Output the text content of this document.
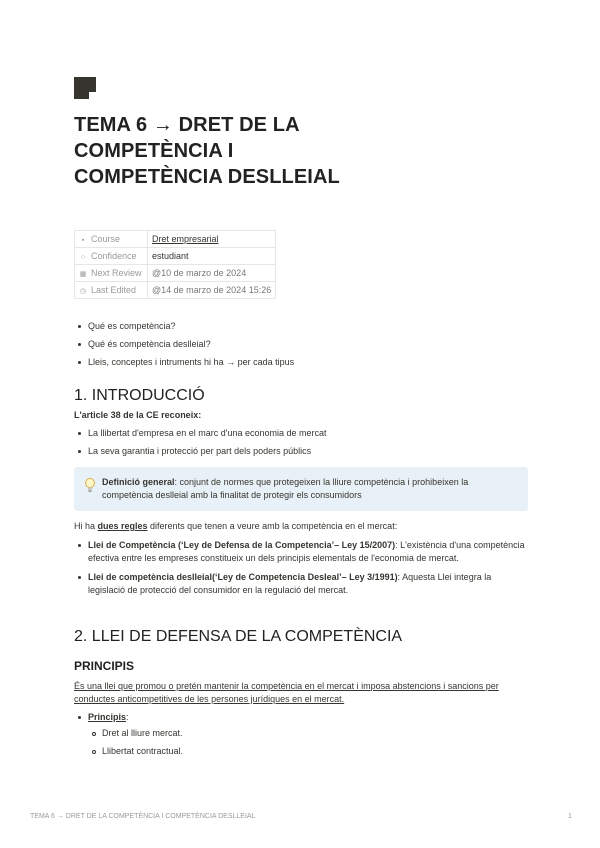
TEMA 6 → DRET DE LA COMPETÈNCIA I COMPETÈNCIA DESLLEIAL
▪ Course	Dret empresarial
○ Confidence	estudiant
▦ Next Review	@10 de marzo de 2024
◷ Last Edited	@14 de marzo de 2024 15:26
Qué es competència?
Qué és competència deslleial?
Lleis, conceptes i intruments hi ha → per cada tipus
1. INTRODUCCIÓ

L'article 38 de la CE reconeix:

La llibertat d'empresa en el marc d'una economia de mercat
La seva garantia i protecció per part dels poders públics

Definició general: conjunt de normes que protegeixen la lliure competència i prohibeixen la competència deslleial amb la finalitat de protegir els consumidors

Hi ha dues regles diferents que tenen a veure amb la competència en el mercat:

Llei de Competència (‘Ley de Defensa de la Competencia’– Ley 15/2007): L'existència d'una competència efectiva entre les empreses constitueix un dels principis elementals de l'economia de mercat.
Llei de competència deslleial(‘Ley de Competencia Desleal’– Ley 3/1991): Aquesta Llei integra la legislació de protecció del consumidor en la regulació del mercat.
2. LLEI DE DEFENSA DE LA COMPETÈNCIA
PRINCIPIS

És una llei que promou o pretén mantenir la competència en el mercat i imposa abstencions i sancions per conductes anticompetitives de les persones jurídiques en el mercat.

Principis:
Dret al lliure mercat.
Llibertat contractual.
TEMA 6 → DRET DE LA COMPETÈNCIA I COMPETÈNCIA DESLLEIAL	1
